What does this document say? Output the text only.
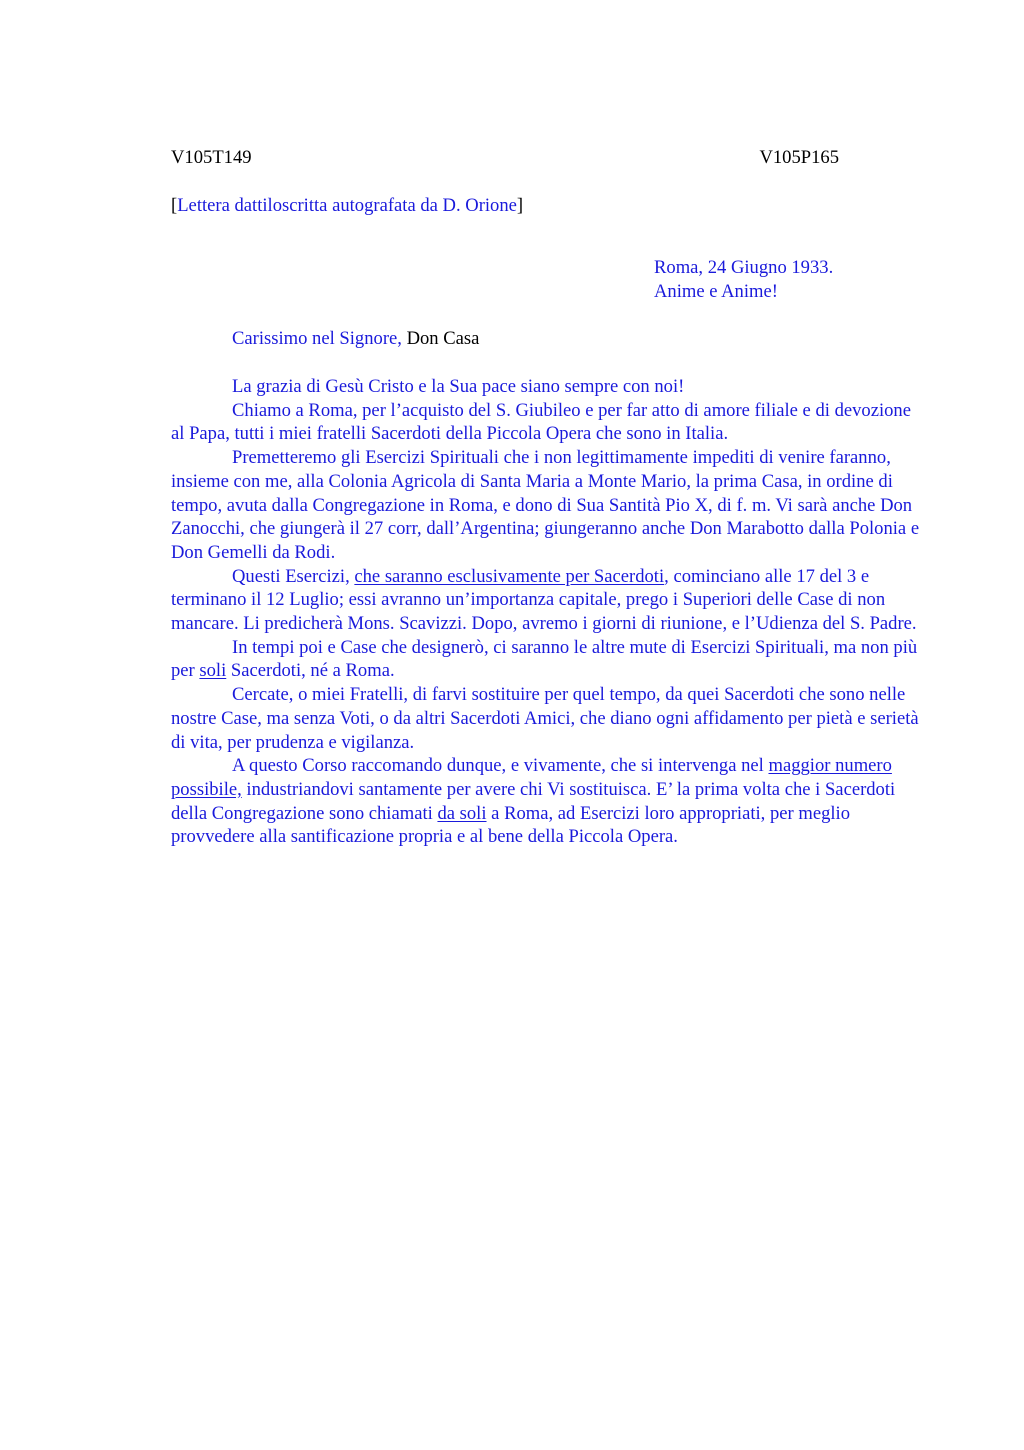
V105T149	V105P165
[Lettera dattiloscritta autografata da D. Orione]
Roma, 24 Giugno 1933.
Anime e Anime!
Carissimo nel Signore, Don Casa

La grazia di Gesù Cristo e la Sua pace siano sempre con noi!

Chiamo a Roma, per l’acquisto del S. Giubileo e per far atto di amore filiale e di devozione al Papa, tutti i miei fratelli Sacerdoti della Piccola Opera che sono in Italia.

Premetteremo gli Esercizi Spirituali che i non legittimamente impediti di venire faranno, insieme con me, alla Colonia Agricola di Santa Maria a Monte Mario, la prima Casa, in ordine di tempo, avuta dalla Congregazione in Roma, e dono di Sua Santità Pio X, di f. m. Vi sarà anche Don Zanocchi, che giungerà il 27 corr, dall’Argentina; giungeranno anche Don Marabotto dalla Polonia e Don Gemelli da Rodi.

Questi Esercizi, che saranno esclusivamente per Sacerdoti, cominciano alle 17 del 3 e terminano il 12 Luglio; essi avranno un’importanza capitale, prego i Superiori delle Case di non mancare. Li predicherà Mons. Scavizzi. Dopo, avremo i giorni di riunione, e l’Udienza del S. Padre.

In tempi poi e Case che designerò, ci saranno le altre mute di Esercizi Spirituali, ma non più per soli Sacerdoti, né a Roma.

Cercate, o miei Fratelli, di farvi sostituire per quel tempo, da quei Sacerdoti che sono nelle nostre Case, ma senza Voti, o da altri Sacerdoti Amici, che diano ogni affidamento per pietà e serietà di vita, per prudenza e vigilanza.

A questo Corso raccomando dunque, e vivamente, che si intervenga nel maggior numero possibile, industriandovi santamente per avere chi Vi sostituisca. E’ la prima volta che i Sacerdoti della Congregazione sono chiamati da soli a Roma, ad Esercizi loro appropriati, per meglio provvedere alla santificazione propria e al bene della Piccola Opera.
